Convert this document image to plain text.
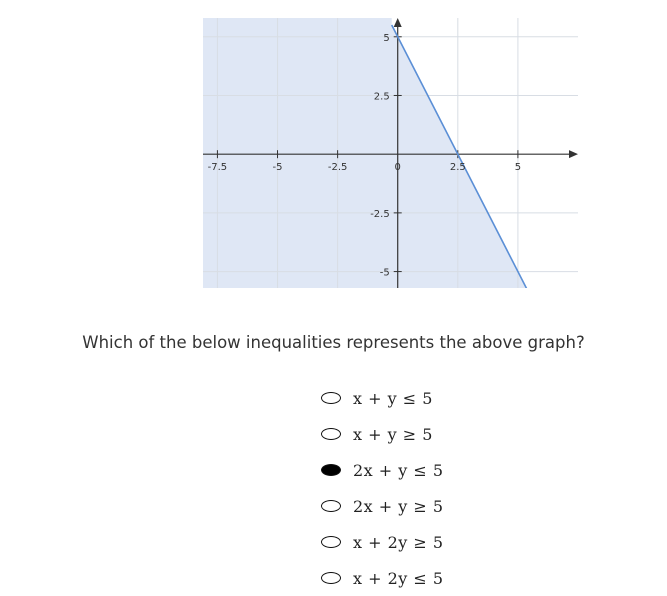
-7.5	-5	-2.5	0	2.5	5
5
2.5
-2.5
-5
Which of the below inequalities represents the above graph?
x + y ≤ 5
x + y ≥ 5
2x + y ≤ 5
2x + y ≥ 5
x + 2y ≥ 5
x + 2y ≤ 5
